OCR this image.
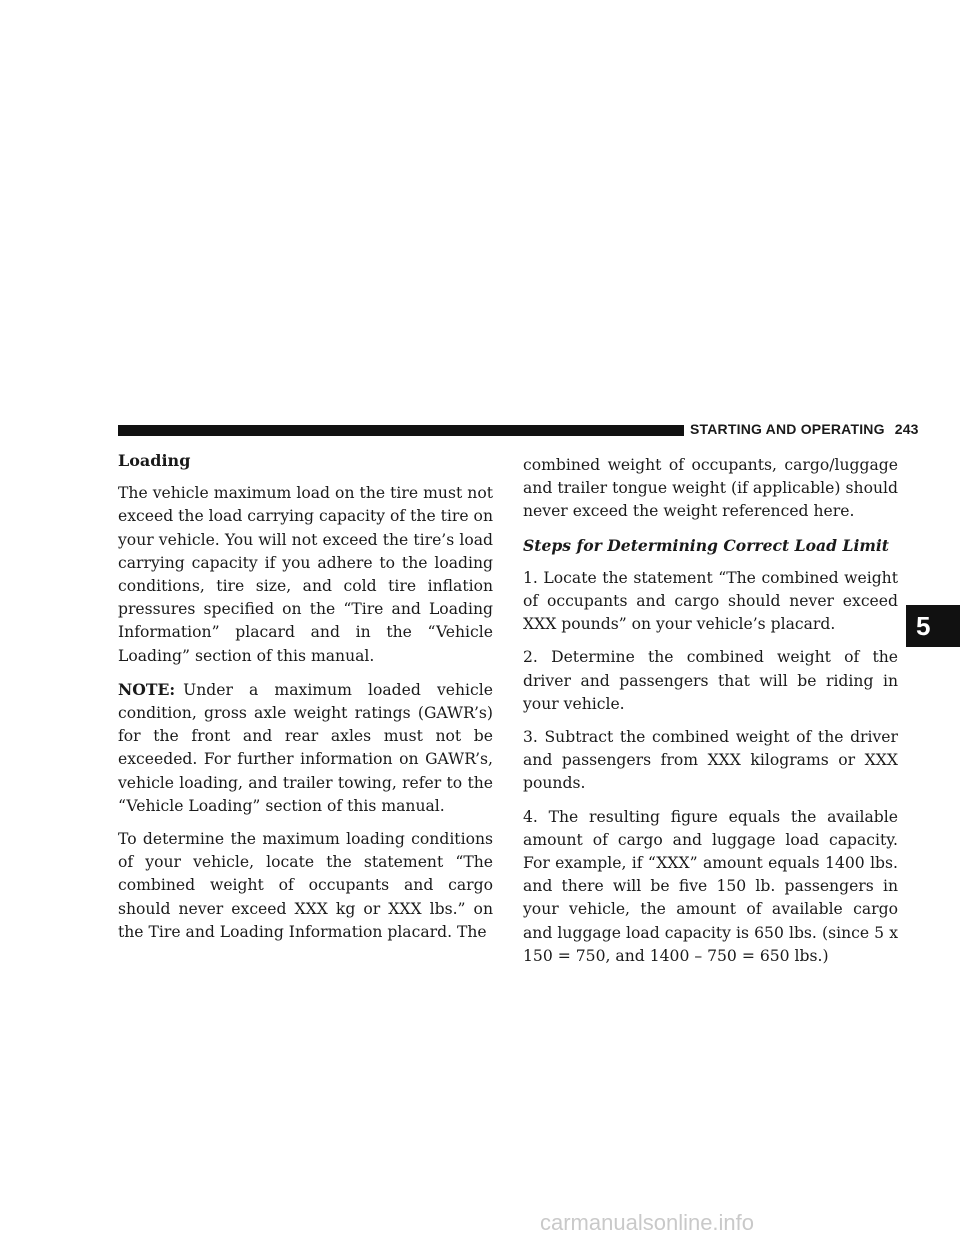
STARTING AND OPERATING 243
5

Loading

The vehicle maximum load on the tire must not exceed the load carrying capacity of the tire on your vehicle. You will not exceed the tire’s load carrying capacity if you adhere to the loading conditions, tire size, and cold tire inflation pressures specified on the “Tire and Loading Information” placard and in the “Vehicle Loading” section of this manual.

NOTE: Under a maximum loaded vehicle condition, gross axle weight ratings (GAWR’s) for the front and rear axles must not be exceeded. For further information on GAWR’s, vehicle loading, and trailer towing, refer to the “Vehicle Loading” section of this manual.

To determine the maximum loading conditions of your vehicle, locate the statement “The combined weight of occupants and cargo should never exceed XXX kg or XXX lbs.” on the Tire and Loading Information placard. The

combined weight of occupants, cargo/luggage and trailer tongue weight (if applicable) should never exceed the weight referenced here.

Steps for Determining Correct Load Limit

1. Locate the statement “The combined weight of occupants and cargo should never exceed XXX pounds” on your vehicle’s placard.

2. Determine the combined weight of the driver and passengers that will be riding in your vehicle.

3. Subtract the combined weight of the driver and passengers from XXX kilograms or XXX pounds.

4. The resulting figure equals the available amount of cargo and luggage load capacity. For example, if “XXX” amount equals 1400 lbs. and there will be five 150 lb. passengers in your vehicle, the amount of available cargo and luggage load capacity is 650 lbs. (since 5 x 150 = 750, and 1400 – 750 = 650 lbs.)

carmanualsonline.info
